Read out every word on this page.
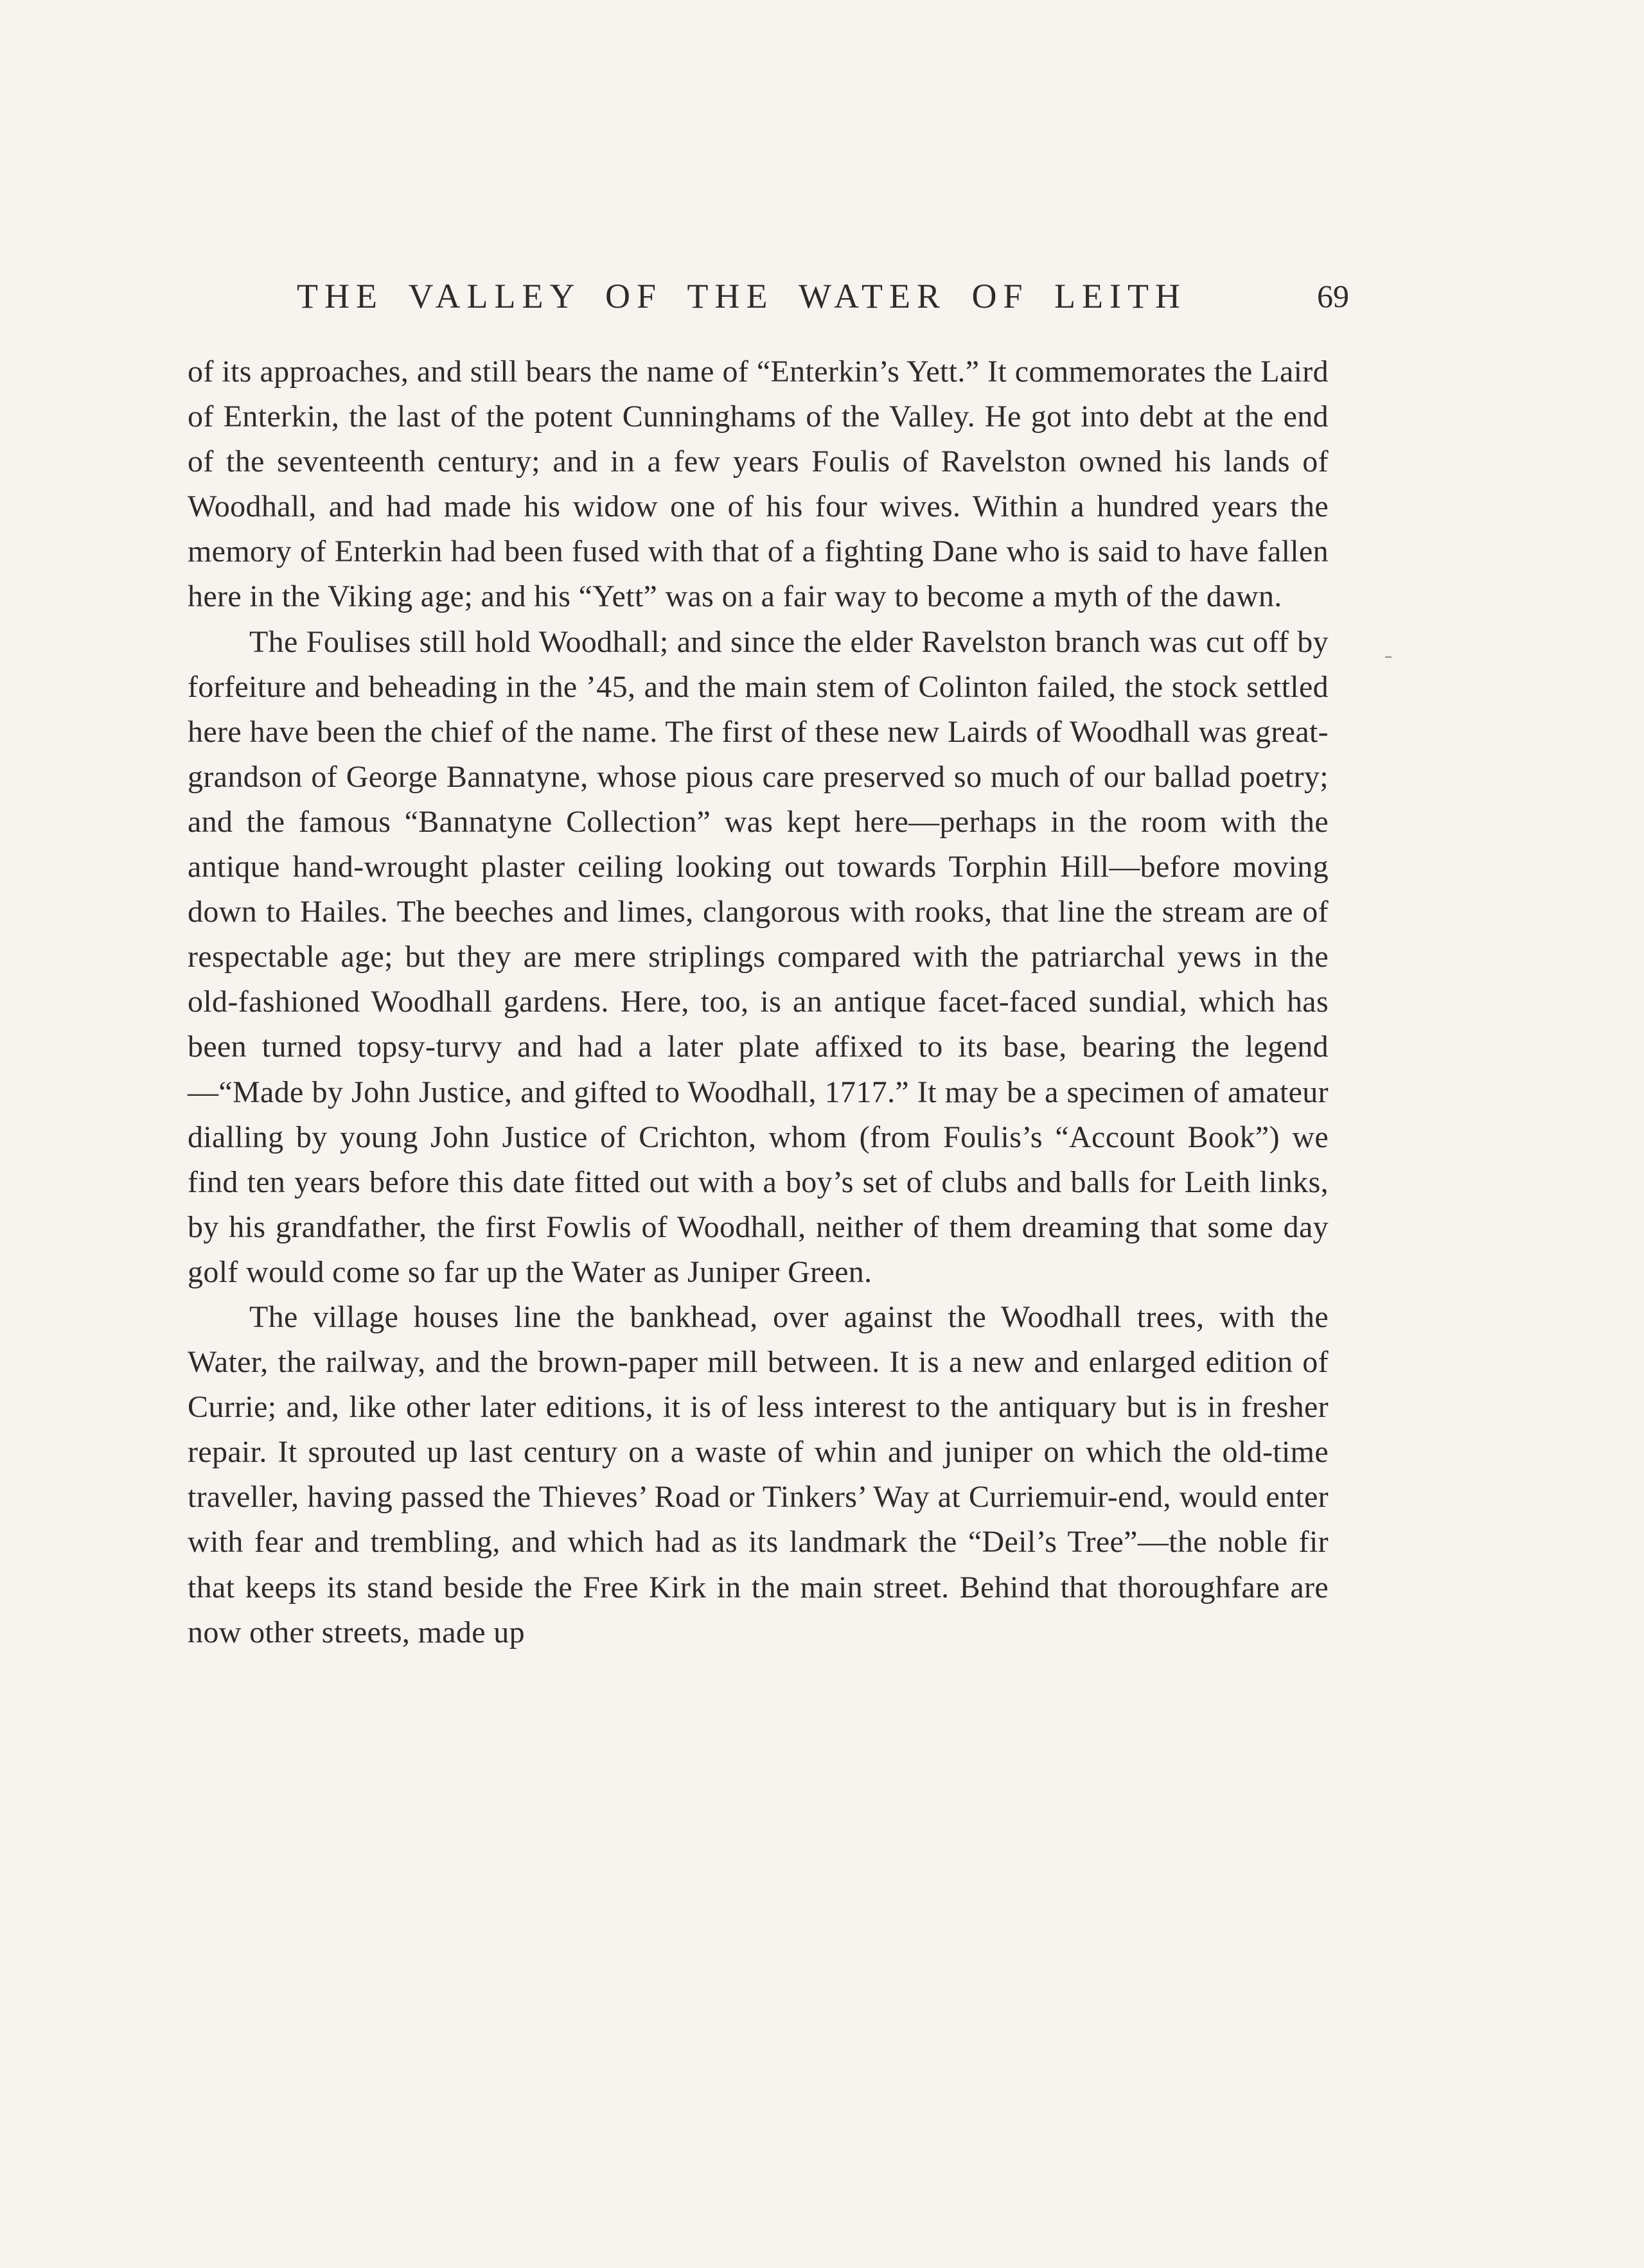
THE VALLEY OF THE WATER OF LEITH	69

of its approaches, and still bears the name of “Enterkin’s Yett.” It commemorates the Laird of Enterkin, the last of the potent Cunninghams of the Valley. He got into debt at the end of the seventeenth century; and in a few years Foulis of Ravelston owned his lands of Woodhall, and had made his widow one of his four wives. Within a hundred years the memory of Enterkin had been fused with that of a fighting Dane who is said to have fallen here in the Viking age; and his “Yett” was on a fair way to become a myth of the dawn.

The Foulises still hold Woodhall; and since the elder Ravelston branch was cut off by forfeiture and beheading in the ’45, and the main stem of Colinton failed, the stock settled here have been the chief of the name. The first of these new Lairds of Woodhall was great-grandson of George Bannatyne, whose pious care preserved so much of our ballad poetry; and the famous “Bannatyne Collection” was kept here—perhaps in the room with the antique hand-wrought plaster ceiling looking out towards Torphin Hill—before moving down to Hailes. The beeches and limes, clangorous with rooks, that line the stream are of respectable age; but they are mere striplings compared with the patriarchal yews in the old-fashioned Woodhall gardens. Here, too, is an antique facet-faced sundial, which has been turned topsy-turvy and had a later plate affixed to its base, bearing the legend—“Made by John Justice, and gifted to Woodhall, 1717.” It may be a specimen of amateur dialling by young John Justice of Crichton, whom (from Foulis’s “Account Book”) we find ten years before this date fitted out with a boy’s set of clubs and balls for Leith links, by his grandfather, the first Fowlis of Woodhall, neither of them dreaming that some day golf would come so far up the Water as Juniper Green.

The village houses line the bankhead, over against the Woodhall trees, with the Water, the railway, and the brown-paper mill between. It is a new and enlarged edition of Currie; and, like other later editions, it is of less interest to the antiquary but is in fresher repair. It sprouted up last century on a waste of whin and juniper on which the old-time traveller, having passed the Thieves’ Road or Tinkers’ Way at Curriemuir-end, would enter with fear and trembling, and which had as its landmark the “Deil’s Tree”—the noble fir that keeps its stand beside the Free Kirk in the main street. Behind that thoroughfare are now other streets, made up
